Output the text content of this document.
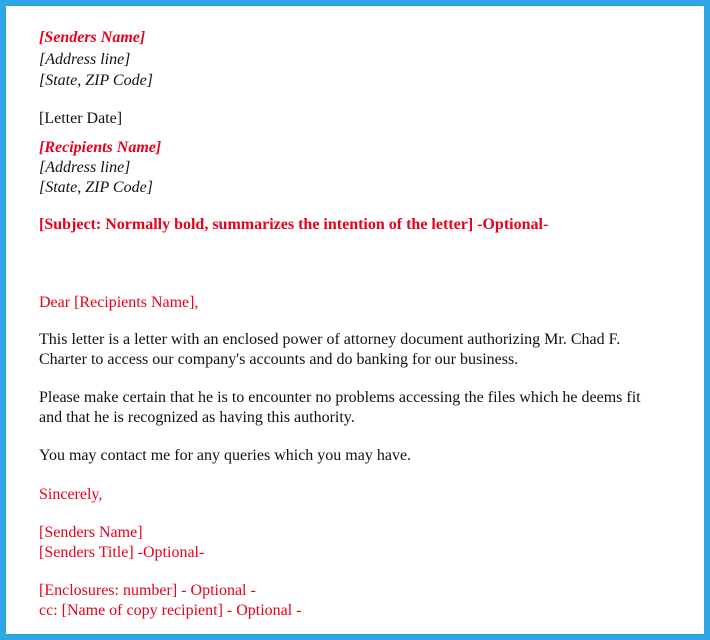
[Senders Name]
[Address line]
[State, ZIP Code]
[Letter Date]
[Recipients Name]
[Address line]
[State, ZIP Code]
[Subject: Normally bold, summarizes the intention of the letter] -Optional-
Dear [Recipients Name],
This letter is a letter with an enclosed power of attorney document authorizing Mr. Chad F.
Charter to access our company's accounts and do banking for our business.
Please make certain that he is to encounter no problems accessing the files which he deems fit
and that he is recognized as having this authority.
You may contact me for any queries which you may have.
Sincerely,
[Senders Name]
[Senders Title] -Optional-
[Enclosures: number] - Optional -
cc: [Name of copy recipient] - Optional -
